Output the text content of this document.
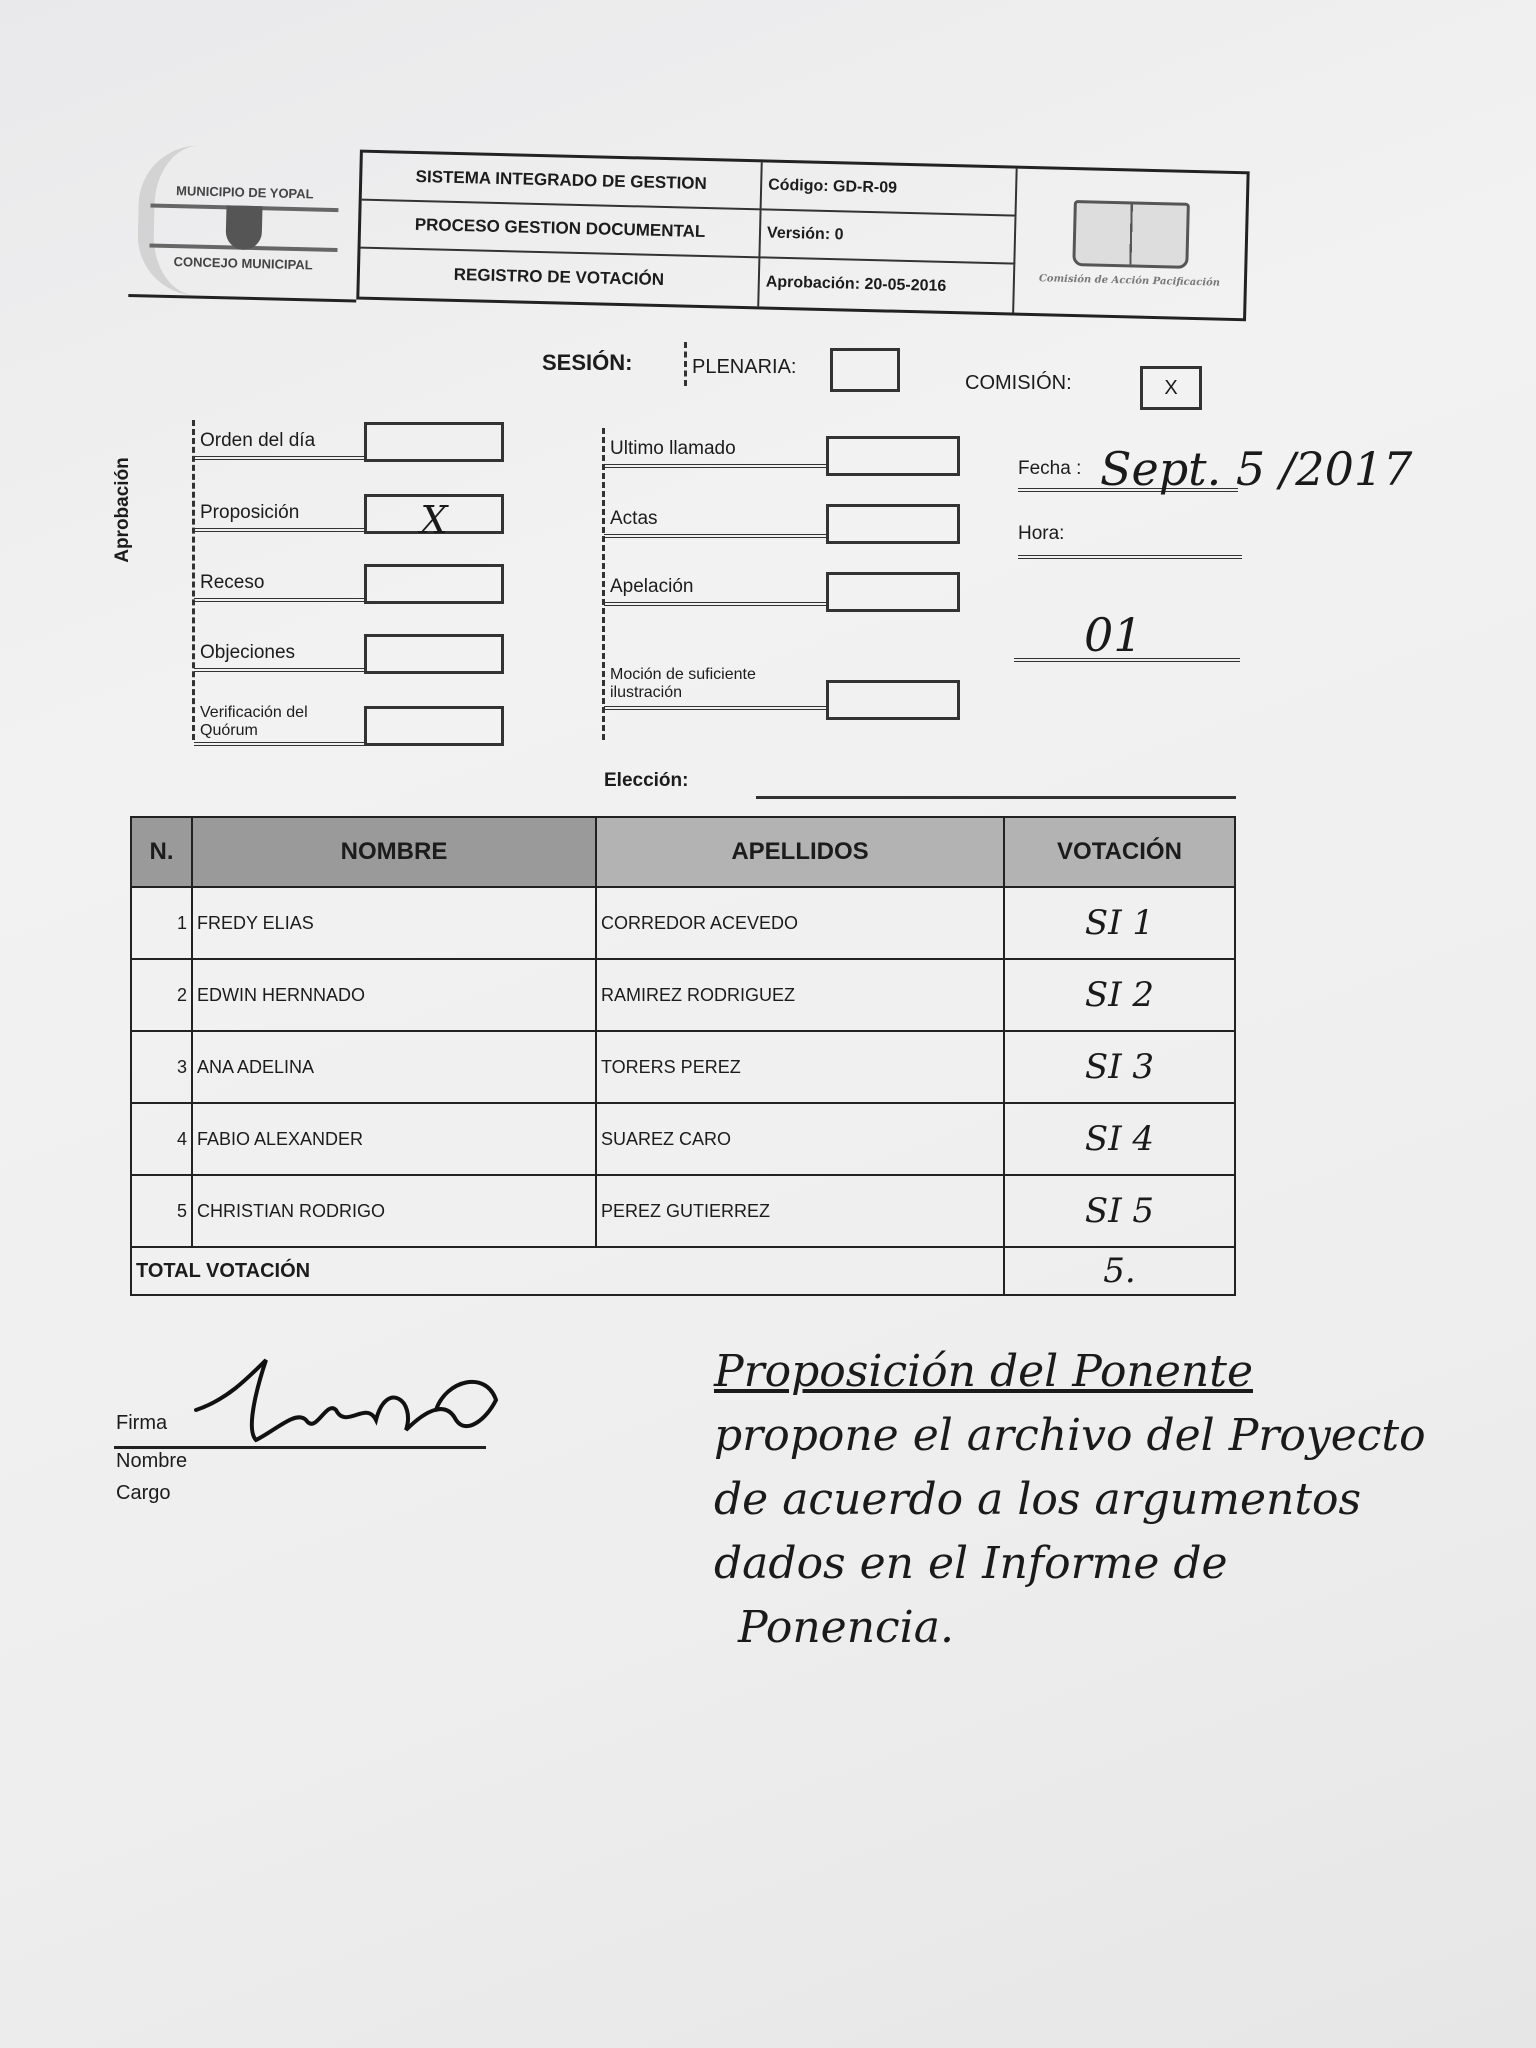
MUNICIPIO DE YOPAL
CONCEJO MUNICIPAL
SISTEMA INTEGRADO DE GESTION	Código: GD-R-09
Comisión de Acción Pacificación
PROCESO GESTION DOCUMENTAL	Versión: 0
REGISTRO DE VOTACIÓN	Aprobación: 20-05-2016
SESIÓN:	PLENARIA:
COMISIÓN:	X
Aprobación
Orden del día
Proposición	X
Receso
Objeciones
Verificación del Quórum
Ultimo llamado
Actas
Apelación
Moción de suficiente ilustración
Fecha : Sept. 5 /2017
Hora:
01
Elección:
N.	NOMBRE	APELLIDOS	VOTACIÓN
1	FREDY ELIAS	CORREDOR ACEVEDO	SI 1
2	EDWIN HERNNADO	RAMIREZ RODRIGUEZ	SI 2
3	ANA ADELINA	TORERS PEREZ	SI 3
4	FABIO ALEXANDER	SUAREZ CARO	SI 4
5	CHRISTIAN RODRIGO	PEREZ GUTIERREZ	SI 5
TOTAL VOTACIÓN			5.
Firma
Nombre
Cargo
Proposición del Ponente
propone el archivo del Proyecto
de acuerdo a los argumentos
dados en el Informe de
Ponencia.
